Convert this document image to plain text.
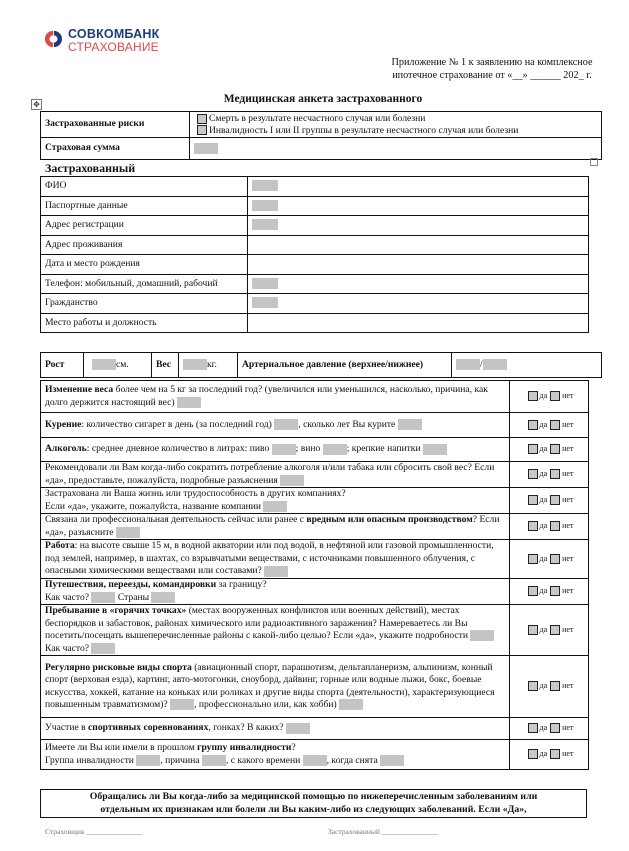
СОВКОМБАНК
СТРАХОВАНИЕ
Приложение № 1 к заявлению на комплексное
ипотечное страхование от «__» ______ 202_ г.
✥	Медицинская анкета застрахованного
Застрахованные риски	Смерть в результате несчастного случая или болезни
Инвалидность I или II группы в результате несчастного случая или болезни

Страховая сумма	
Застрахованный
ФИО	
Паспортные данные	
Адрес регистрации	
Адрес проживания	
Дата и место рождения	
Телефон: мобильный, домашний, рабочий	
Гражданство	
Место работы и должность	
Рост	см.	Вес	кг.	Артериальное давление (верхнее/нижнее)	/
Изменение веса более чем на 5 кг за последний год? (увеличился или уменьшился, насколько, причина, как долго держится настоящий вес)	да нет
Курение: количество сигарет в день (за последний год) , сколько лет Вы курите	да нет
Алкоголь: среднее дневное количество в литрах: пиво ; вино ; крепкие напитки	да нет
Рекомендовали ли Вам когда-либо сократить потребление алкоголя и/или табака или сбросить свой вес? Если «да», предоставьте, пожалуйста, подробные разъяснения	да нет

Застрахована ли Ваша жизнь или трудоспособность в других компаниях?
Если «да», укажите, пожалуйста, название компании	да нет
Связана ли профессиональная деятельность сейчас или ранее с вредным или опасным производством? Если «да», разъясните	да нет
Работа: на высоте свыше 15 м, в водной акватории или под водой, в нефтяной или газовой промышленности, под землей, например, в шахтах, со взрывчатыми веществами, с источниками повышенного облучения, с опасными химическими веществами или составами?	да нет
Путешествия, переезды, командировки за границу?
Как часто? Страны	да нет
Пребывание в «горячих точках» (местах вооруженных конфликтов или военных действий), местах беспорядков и забастовок, районах химического или радиоактивного заражения? Намереваетесь ли Вы посетить/посещать вышеперечисленные районы с какой-либо целью? Если «да», укажите подробности  Как часто?	да нет
Регулярно рисковые виды спорта (авиационный спорт, парашютизм, дельтапланеризм, альпинизм, конный спорт (верховая езда), картинг, авто-мотогонки, сноуборд, дайвинг, горные или водные лыжи, бокс, боевые искусства, хоккей, катание на коньках или роликах и другие виды спорта (деятельности), характеризующиеся повышенным травматизмом)? , профессионально или, как хобби)	да нет
Участие в спортивных соревнованиях, гонках? В каких?	да нет
Имеете ли Вы или имели в прошлом группу инвалидности?
Группа инвалидности , причина , с какого времени , когда снята	да нет
Обращались ли Вы когда-либо за медицинской помощью по нижеперечисленным заболеваниям или
отдельным их признакам или болели ли Вы каким-либо из следующих заболеваний. Если «Да»,
Страховщик _______________	Застрахованный _______________
